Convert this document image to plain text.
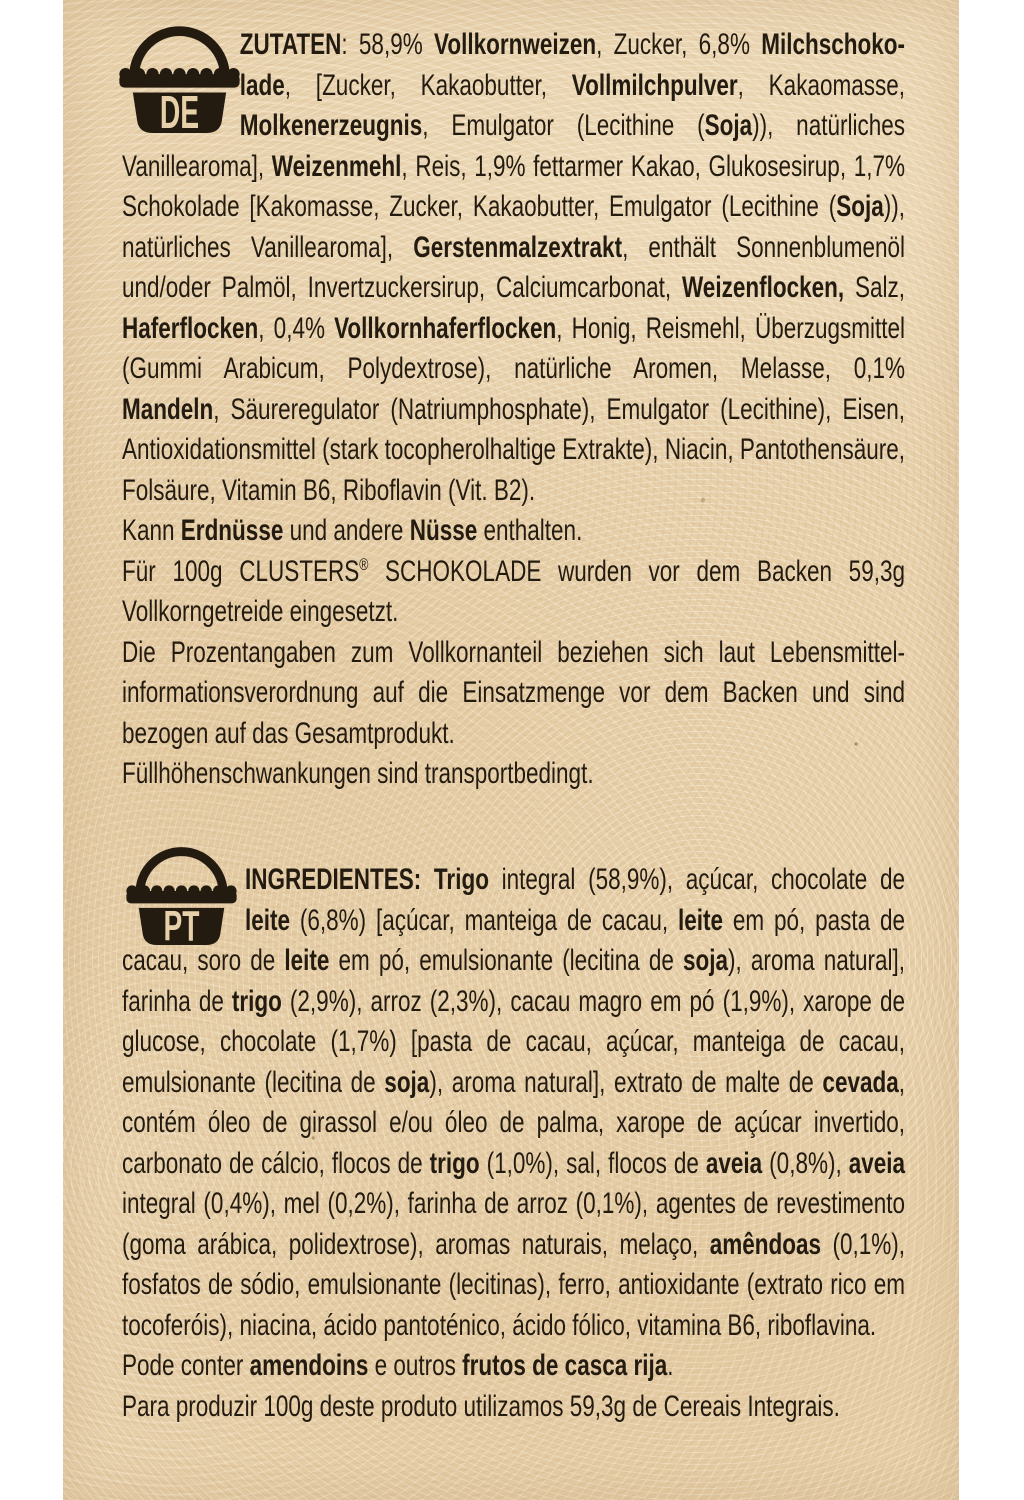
DE

ZUTATEN: 58,9% Vollkornweizen, Zucker, 6,8% Milchschokolade, [Zucker, Kakaobutter, Vollmilchpulver, Kakaomasse, Molkenerzeugnis, Emulgator (Lecithine (Soja)), natürliches Vanillearoma], Weizenmehl, Reis, 1,9% fettarmer Kakao, Glukosesirup, 1,7% Schokolade [Kakomasse, Zucker, Kakaobutter, Emulgator (Lecithine (Soja)), natürliches Vanillearoma], Gerstenmalzextrakt, enthält Sonnenblumenöl und/oder Palmöl, Invertzuckersirup, Calciumcarbonat, Weizenflocken, Salz, Haferflocken, 0,4% Vollkornhaferflocken, Honig, Reismehl, Überzugsmittel (Gummi Arabicum, Polydextrose), natürliche Aromen, Melasse, 0,1% Mandeln, Säureregulator (Natriumphosphate), Emulgator (Lecithine), Eisen, Antioxidationsmittel (stark tocopherolhaltige Extrakte), Niacin, Pantothensäure, Folsäure, Vitamin B6, Riboflavin (Vit. B2).

Kann Erdnüsse und andere Nüsse enthalten.

Für 100g CLUSTERS® SCHOKOLADE wurden vor dem Backen 59,3g Vollkorngetreide eingesetzt.

Die Prozentangaben zum Vollkornanteil beziehen sich laut Lebensmittelinformationsverordnung auf die Einsatzmenge vor dem Backen und sind bezogen auf das Gesamtprodukt.

Füllhöhenschwankungen sind transportbedingt.

PT

INGREDIENTES: Trigo integral (58,9%), açúcar, chocolate de leite (6,8%) [açúcar, manteiga de cacau, leite em pó, pasta de cacau, soro de leite em pó, emulsionante (lecitina de soja), aroma natural], farinha de trigo (2,9%), arroz (2,3%), cacau magro em pó (1,9%), xarope de glucose, chocolate (1,7%) [pasta de cacau, açúcar, manteiga de cacau, emulsionante (lecitina de soja), aroma natural], extrato de malte de cevada, contém óleo de girassol e/ou óleo de palma, xarope de açúcar invertido, carbonato de cálcio, flocos de trigo (1,0%), sal, flocos de aveia (0,8%), aveia integral (0,4%), mel (0,2%), farinha de arroz (0,1%), agentes de revestimento (goma arábica, polidextrose), aromas naturais, melaço, amêndoas (0,1%), fosfatos de sódio, emulsionante (lecitinas), ferro, antioxidante (extrato rico em tocoferóis), niacina, ácido pantoténico, ácido fólico, vitamina B6, riboflavina.

Pode conter amendoins e outros frutos de casca rija.

Para produzir 100g deste produto utilizamos 59,3g de Cereais Integrais.
